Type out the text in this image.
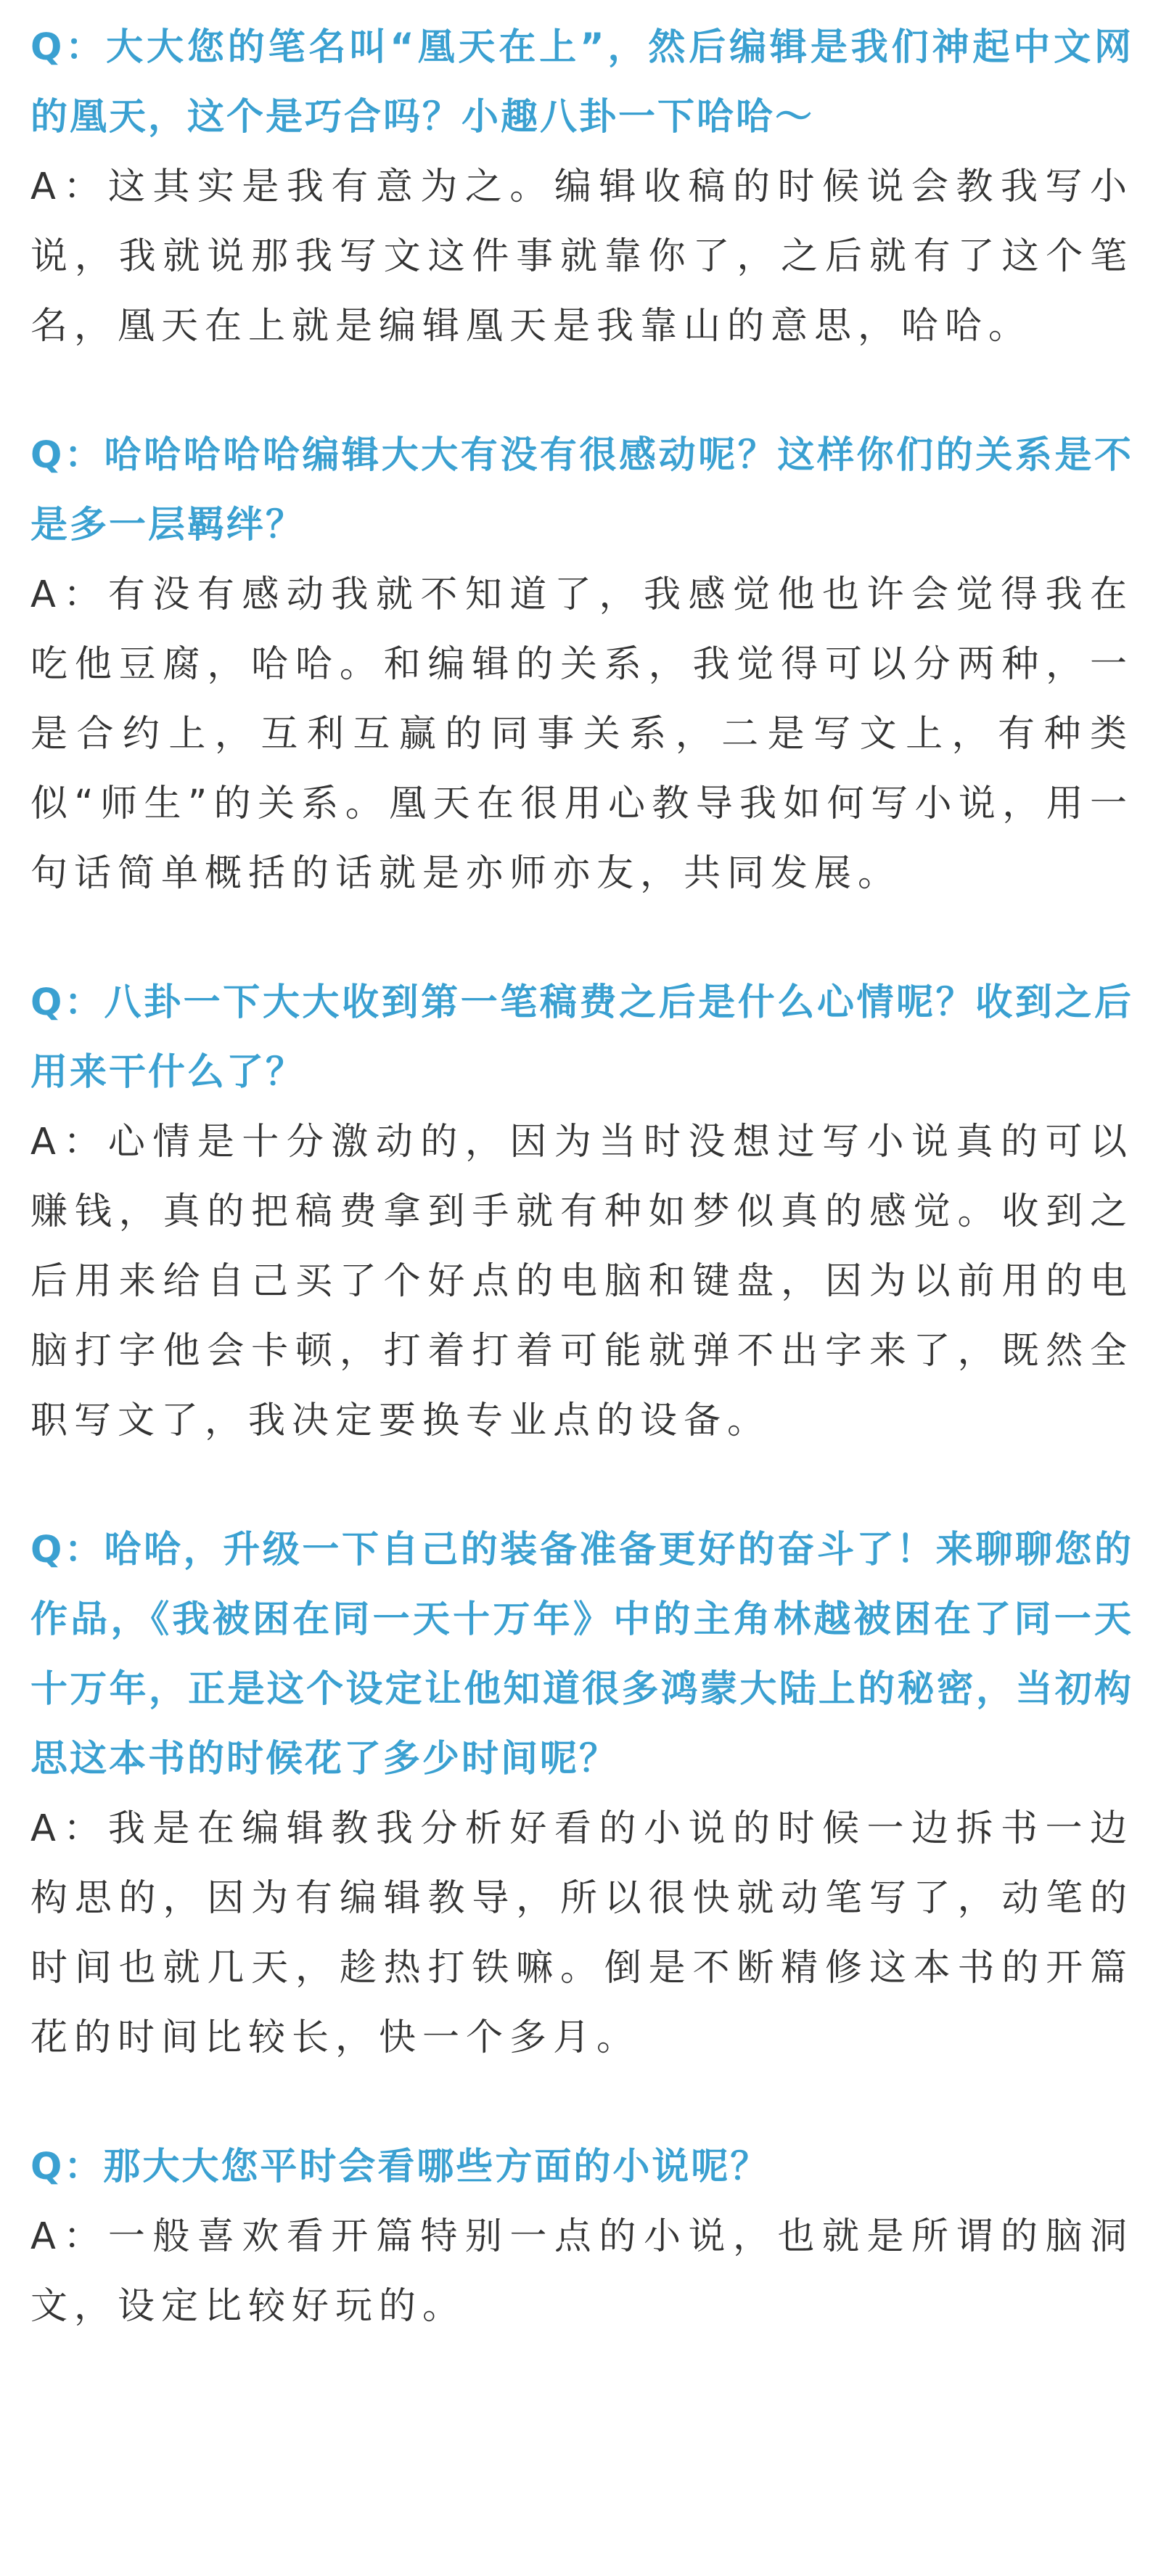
Q：大大您的笔名叫“凰天在上”，然后编辑是我们神起中文网的凰天，这个是巧合吗？小趣八卦一下哈哈～

A：这其实是我有意为之。编辑收稿的时候说会教我写小说，我就说那我写文这件事就靠你了，之后就有了这个笔名，凰天在上就是编辑凰天是我靠山的意思，哈哈。

Q：哈哈哈哈哈编辑大大有没有很感动呢？这样你们的关系是不是多一层羁绊？

A：有没有感动我就不知道了，我感觉他也许会觉得我在吃他豆腐，哈哈。和编辑的关系，我觉得可以分两种，一是合约上，互利互赢的同事关系，二是写文上，有种类似“师生”的关系。凰天在很用心教导我如何写小说，用一句话简单概括的话就是亦师亦友，共同发展。

Q：八卦一下大大收到第一笔稿费之后是什么心情呢？收到之后用来干什么了？

A：心情是十分激动的，因为当时没想过写小说真的可以赚钱，真的把稿费拿到手就有种如梦似真的感觉。收到之后用来给自己买了个好点的电脑和键盘，因为以前用的电脑打字他会卡顿，打着打着可能就弹不出字来了，既然全职写文了，我决定要换专业点的设备。

Q：哈哈，升级一下自己的装备准备更好的奋斗了！来聊聊您的作品，《我被困在同一天十万年》中的主角林越被困在了同一天十万年，正是这个设定让他知道很多鸿蒙大陆上的秘密，当初构思这本书的时候花了多少时间呢？

A：我是在编辑教我分析好看的小说的时候一边拆书一边构思的，因为有编辑教导，所以很快就动笔写了，动笔的时间也就几天，趁热打铁嘛。倒是不断精修这本书的开篇花的时间比较长，快一个多月。

Q：那大大您平时会看哪些方面的小说呢？

A：一般喜欢看开篇特别一点的小说，也就是所谓的脑洞文，设定比较好玩的。
